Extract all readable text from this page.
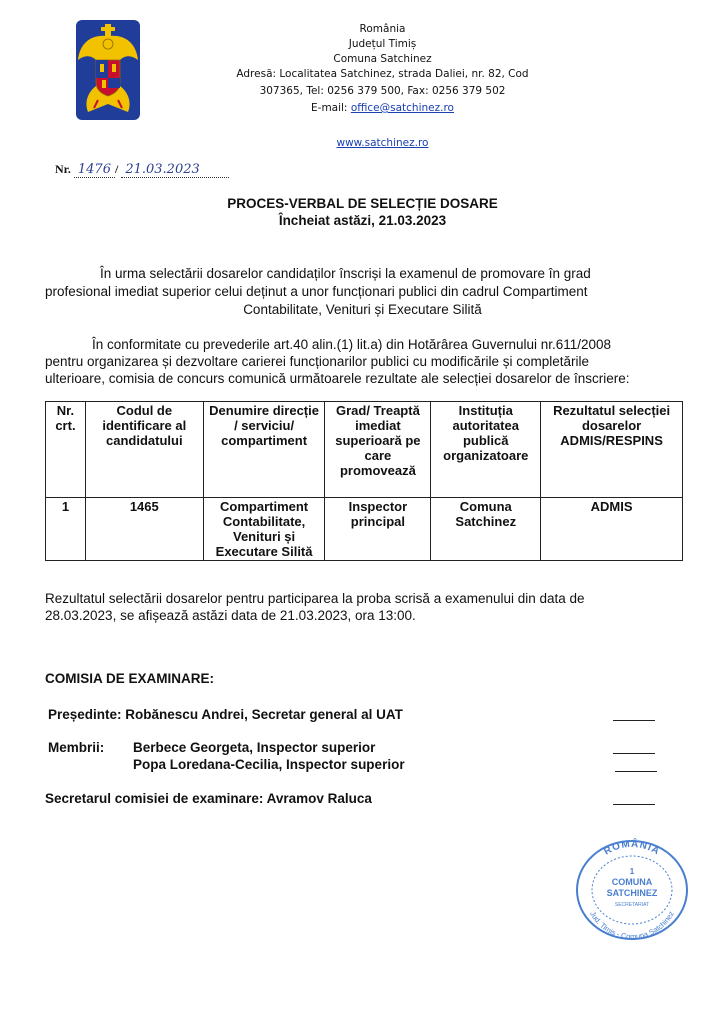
România
Județul Timiș
Comuna Satchinez
Adresă: Localitatea Satchinez, strada Daliei, nr. 82, Cod
307365, Tel: 0256 379 500, Fax: 0256 379 502
E-mail: office@satchinez.ro
www.satchinez.ro
Nr. 1476 / 21.03.2023
PROCES-VERBAL DE SELECȚIE DOSARE
Încheiat astăzi, 21.03.2023
În urma selectării dosarelor candidaților înscriși la examenul de promovare în grad
profesional imediat superior celui deținut a unor funcționari publici din cadrul Compartiment
Contabilitate, Venituri și Executare Silită
În conformitate cu prevederile art.40 alin.(1) lit.a) din Hotărârea Guvernului nr.611/2008
pentru organizarea și dezvoltare carierei funcționarilor publici cu modificările și completările
ulterioare, comisia de concurs comunică următoarele rezultate ale selecției dosarelor de înscriere:
Nr. crt.	Codul de identificare al candidatului	Denumire direcție / serviciu/ compartiment	Grad/ Treaptă imediat superioară pe care promovează	Instituția autoritatea publică organizatoare	Rezultatul selecției dosarelor ADMIS/RESPINS
1	1465	Compartiment Contabilitate, Venituri și Executare Silită	Inspector principal	Comuna Satchinez	ADMIS
Rezultatul selectării dosarelor pentru participarea la proba scrisă a examenului din data de
28.03.2023, se afișează astăzi data de 21.03.2023, ora 13:00.
COMISIA DE EXAMINARE:
Președinte: Robănescu Andrei, Secretar general al UAT
Membrii: Berbece Georgeta, Inspector superior
Popa Loredana-Cecilia, Inspector superior
Secretarul comisiei de examinare: Avramov Raluca
ROMÂNIA
Jud. Timiș - Comuna Satchinez
1
COMUNA
SATCHINEZ
SECRETARIAT
